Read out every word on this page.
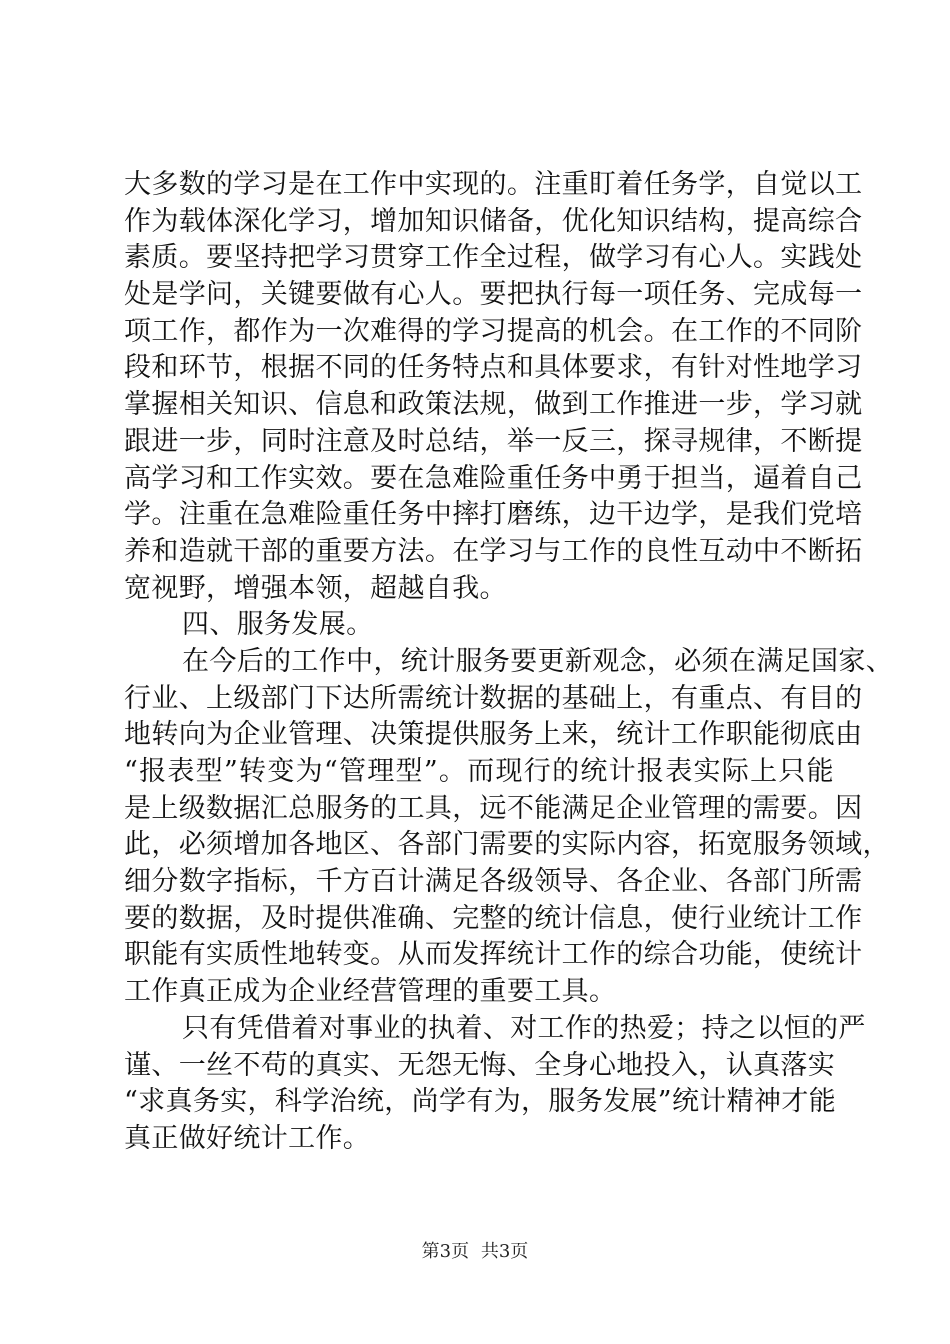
大多数的学习是在工作中实现的。注重盯着任务学，自觉以工
作为载体深化学习，增加知识储备，优化知识结构，提高综合
素质。要坚持把学习贯穿工作全过程，做学习有心人。实践处
处是学问，关键要做有心人。要把执行每一项任务、完成每一
项工作，都作为一次难得的学习提高的机会。在工作的不同阶
段和环节，根据不同的任务特点和具体要求，有针对性地学习
掌握相关知识、信息和政策法规，做到工作推进一步，学习就
跟进一步，同时注意及时总结，举一反三，探寻规律，不断提
高学习和工作实效。要在急难险重任务中勇于担当，逼着自己
学。注重在急难险重任务中摔打磨练，边干边学，是我们党培
养和造就干部的重要方法。在学习与工作的良性互动中不断拓
宽视野，增强本领，超越自我。
四、服务发展。
在今后的工作中，统计服务要更新观念，必须在满足国家、
行业、上级部门下达所需统计数据的基础上，有重点、有目的
地转向为企业管理、决策提供服务上来，统计工作职能彻底由
“报表型”转变为“管理型”。而现行的统计报表实际上只能
是上级数据汇总服务的工具，远不能满足企业管理的需要。因
此，必须增加各地区、各部门需要的实际内容，拓宽服务领域，
细分数字指标，千方百计满足各级领导、各企业、各部门所需
要的数据，及时提供准确、完整的统计信息，使行业统计工作
职能有实质性地转变。从而发挥统计工作的综合功能，使统计
工作真正成为企业经营管理的重要工具。
只有凭借着对事业的执着、对工作的热爱；持之以恒的严
谨、一丝不苟的真实、无怨无悔、全身心地投入，认真落实
“求真务实，科学治统，尚学有为，服务发展”统计精神才能
真正做好统计工作。
第3页 共3页
